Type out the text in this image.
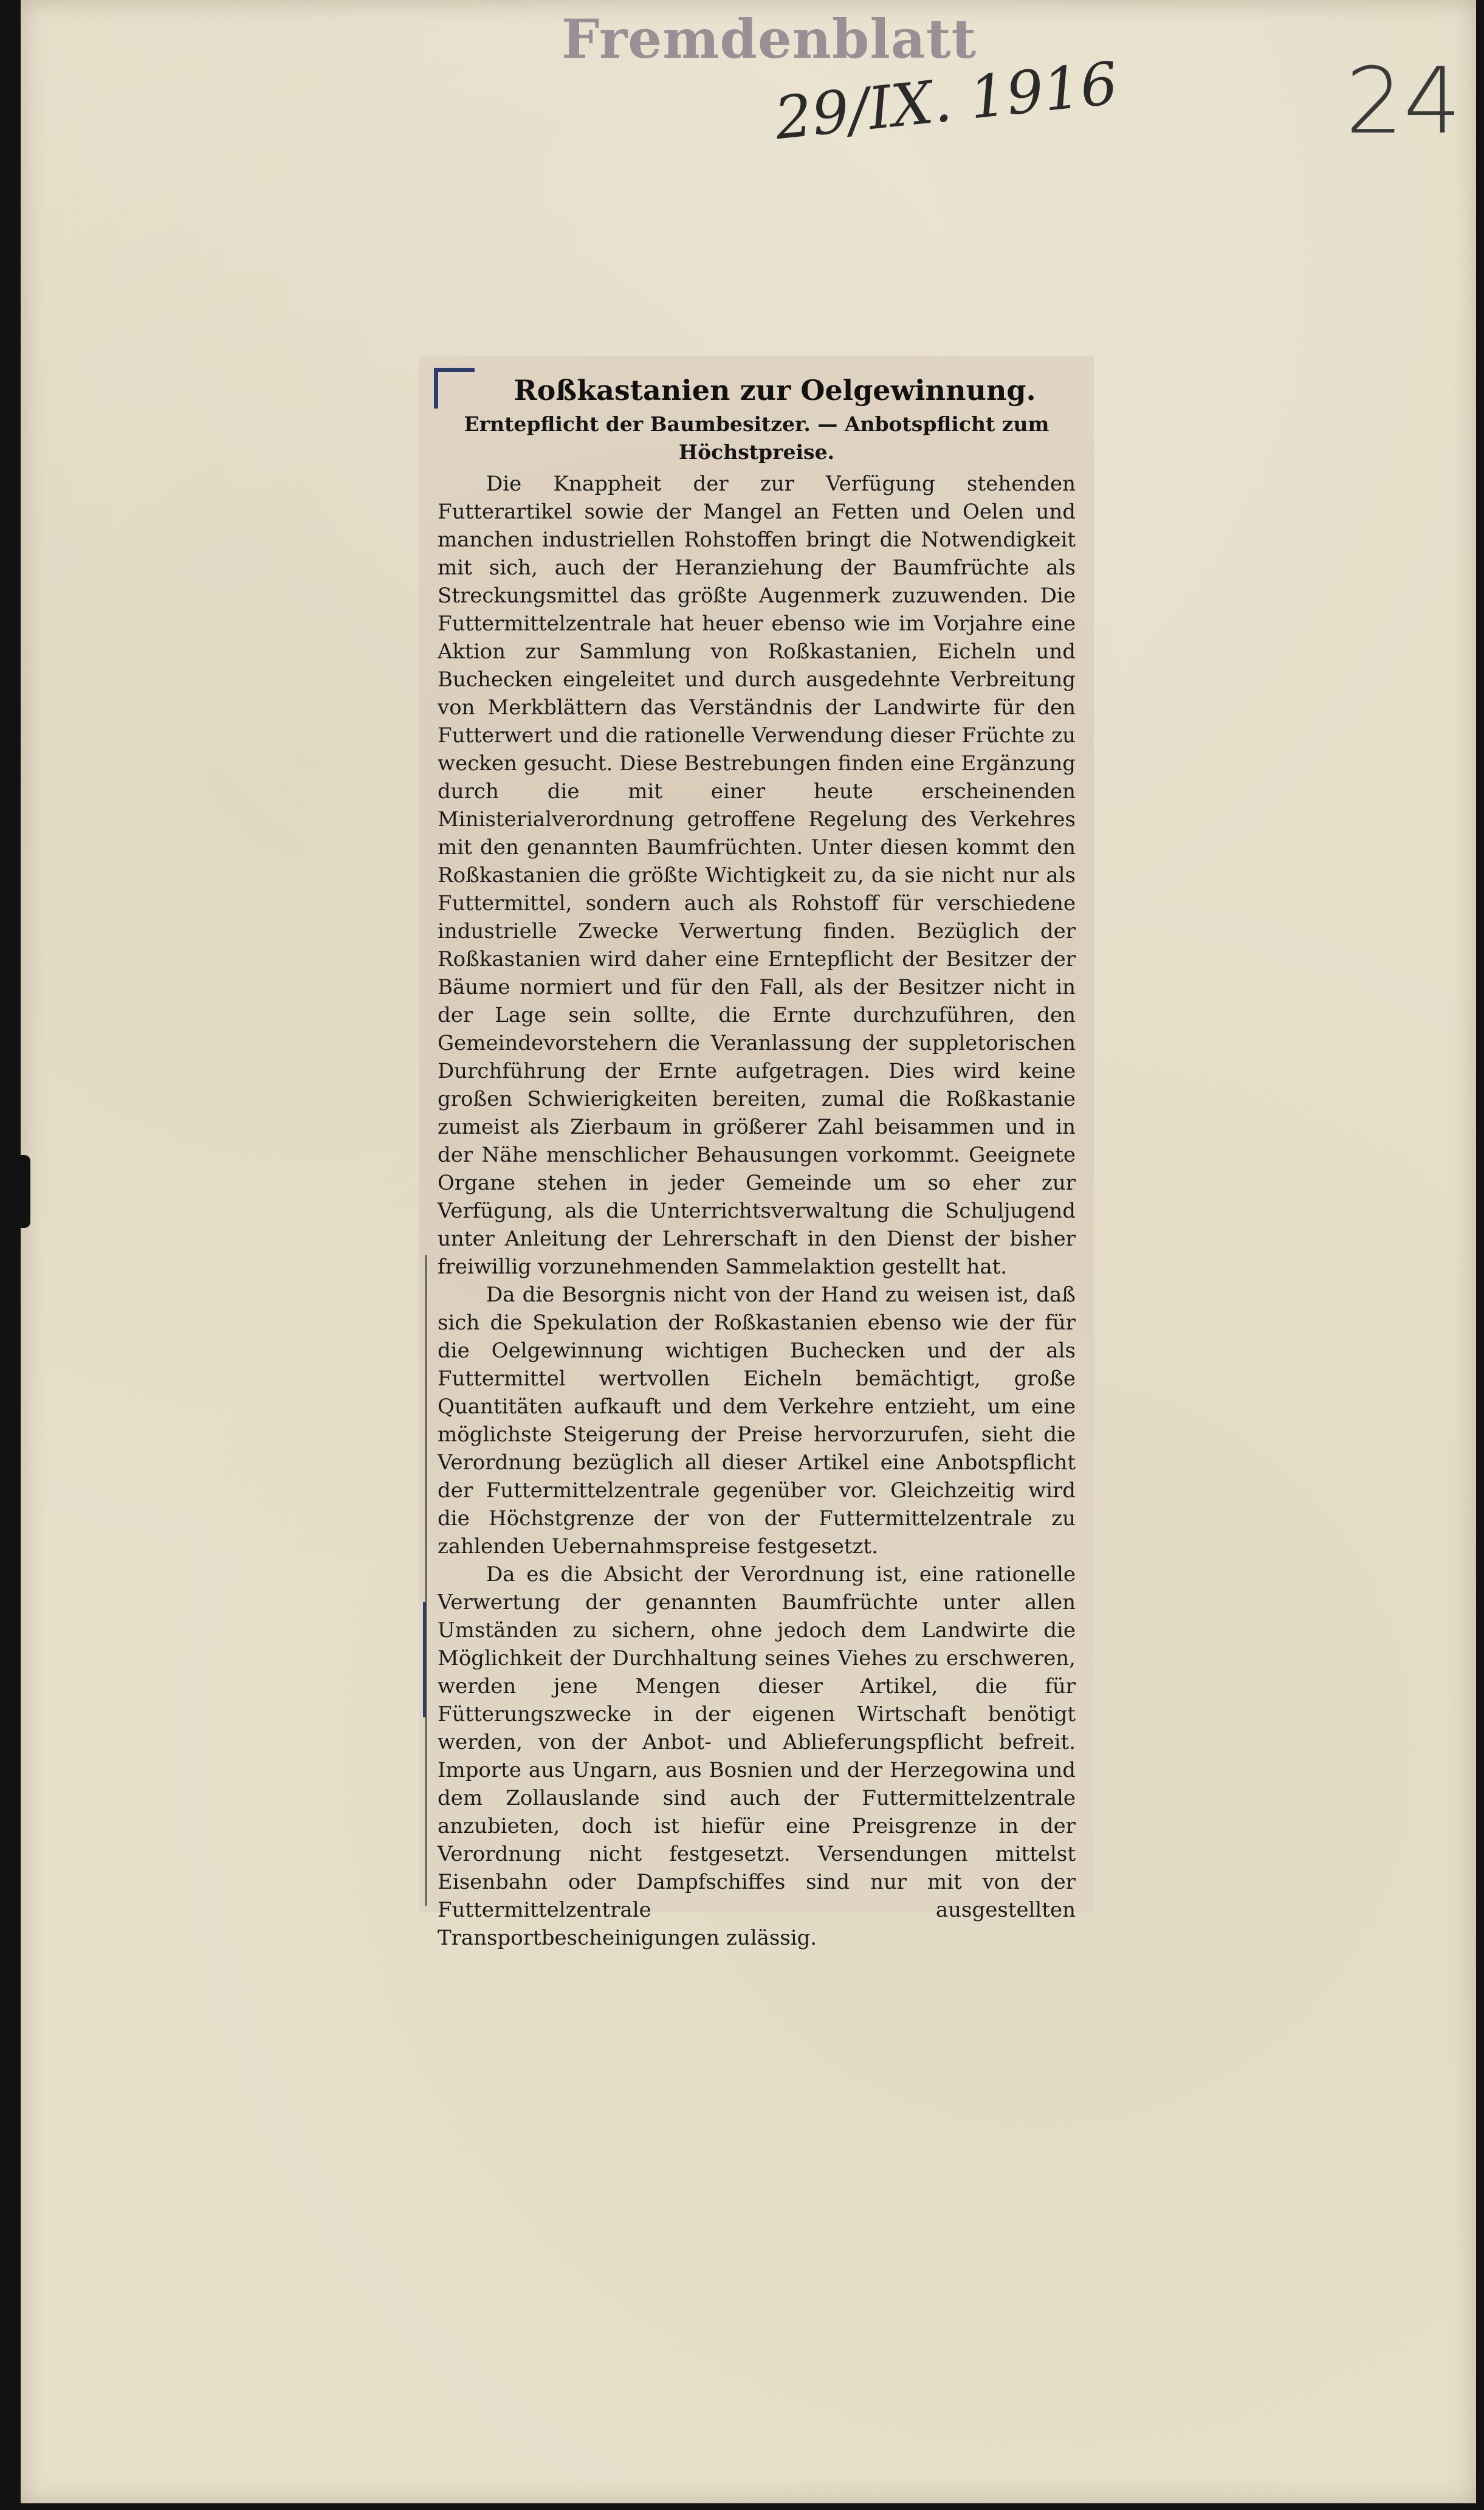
Fremdenblatt
29/IX. 1916 24
Roßkastanien zur Oelgewinnung.
Erntepflicht der Baumbesitzer. — Anbotspflicht zum Höchstpreise.

Die Knappheit der zur Verfügung stehenden Futterartikel sowie der Mangel an Fetten und Oelen und manchen industriellen Rohstoffen bringt die Notwendigkeit mit sich, auch der Heranziehung der Baumfrüchte als Streckungsmittel das größte Augenmerk zuzuwenden. Die Futtermittelzentrale hat heuer ebenso wie im Vorjahre eine Aktion zur Sammlung von Roßkastanien, Eicheln und Buchecken eingeleitet und durch ausgedehnte Verbreitung von Merkblättern das Verständnis der Landwirte für den Futterwert und die rationelle Verwendung dieser Früchte zu wecken gesucht. Diese Bestrebungen finden eine Ergänzung durch die mit einer heute erscheinenden Ministerialverordnung getroffene Regelung des Verkehres mit den genannten Baumfrüchten. Unter diesen kommt den Roßkastanien die größte Wichtigkeit zu, da sie nicht nur als Futtermittel, sondern auch als Rohstoff für verschiedene industrielle Zwecke Verwertung finden. Bezüglich der Roßkastanien wird daher eine Erntepflicht der Besitzer der Bäume normiert und für den Fall, als der Besitzer nicht in der Lage sein sollte, die Ernte durchzuführen, den Gemeindevorstehern die Veranlassung der suppletorischen Durchführung der Ernte aufgetragen. Dies wird keine großen Schwierigkeiten bereiten, zumal die Roßkastanie zumeist als Zierbaum in größerer Zahl beisammen und in der Nähe menschlicher Behausungen vorkommt. Geeignete Organe stehen in jeder Gemeinde um so eher zur Verfügung, als die Unterrichtsverwaltung die Schuljugend unter Anleitung der Lehrerschaft in den Dienst der bisher freiwillig vorzunehmenden Sammelaktion gestellt hat.

Da die Besorgnis nicht von der Hand zu weisen ist, daß sich die Spekulation der Roßkastanien ebenso wie der für die Oelgewinnung wichtigen Buchecken und der als Futtermittel wertvollen Eicheln bemächtigt, große Quantitäten aufkauft und dem Verkehre entzieht, um eine möglichste Steigerung der Preise hervorzurufen, sieht die Verordnung bezüglich all dieser Artikel eine Anbotspflicht der Futtermittelzentrale gegenüber vor. Gleichzeitig wird die Höchstgrenze der von der Futtermittelzentrale zu zahlenden Uebernahmspreise festgesetzt.

Da es die Absicht der Verordnung ist, eine rationelle Verwertung der genannten Baumfrüchte unter allen Umständen zu sichern, ohne jedoch dem Landwirte die Möglichkeit der Durchhaltung seines Viehes zu erschweren, werden jene Mengen dieser Artikel, die für Fütterungszwecke in der eigenen Wirtschaft benötigt werden, von der Anbot- und Ablieferungspflicht befreit. Importe aus Ungarn, aus Bosnien und der Herzegowina und dem Zollauslande sind auch der Futtermittelzentrale anzubieten, doch ist hiefür eine Preisgrenze in der Verordnung nicht festgesetzt. Versendungen mittelst Eisenbahn oder Dampfschiffes sind nur mit von der Futtermittelzentrale ausgestellten Transportbescheinigungen zulässig.
